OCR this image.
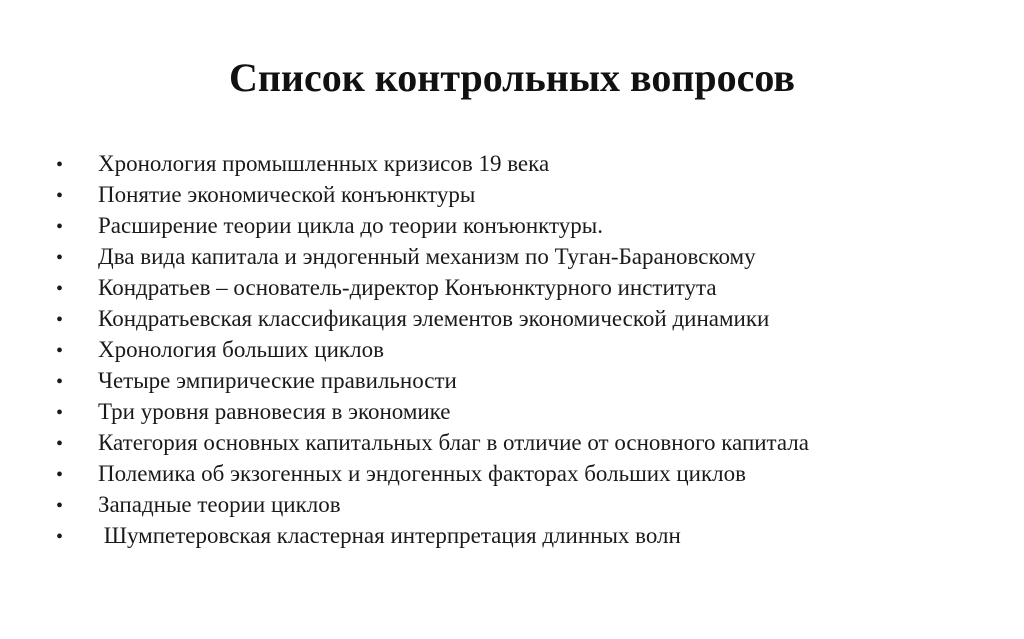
Список контрольных вопросов
•	Хронология промышленных кризисов 19 века
•	Понятие экономической конъюнктуры
•	Расширение теории цикла до теории конъюнктуры.
•	Два вида капитала и эндогенный механизм по Туган-Барановскому
•	Кондратьев – основатель-директор Конъюнктурного института
•	Кондратьевская классификация элементов экономической динамики
•	Хронология больших циклов
•	Четыре эмпирические правильности
•	Три уровня равновесия в экономике
•	Категория основных капитальных благ в отличие от основного капитала
•	Полемика об экзогенных и эндогенных факторах больших циклов
•	Западные теории циклов
•	Шумпетеровская кластерная интерпретация длинных волн
